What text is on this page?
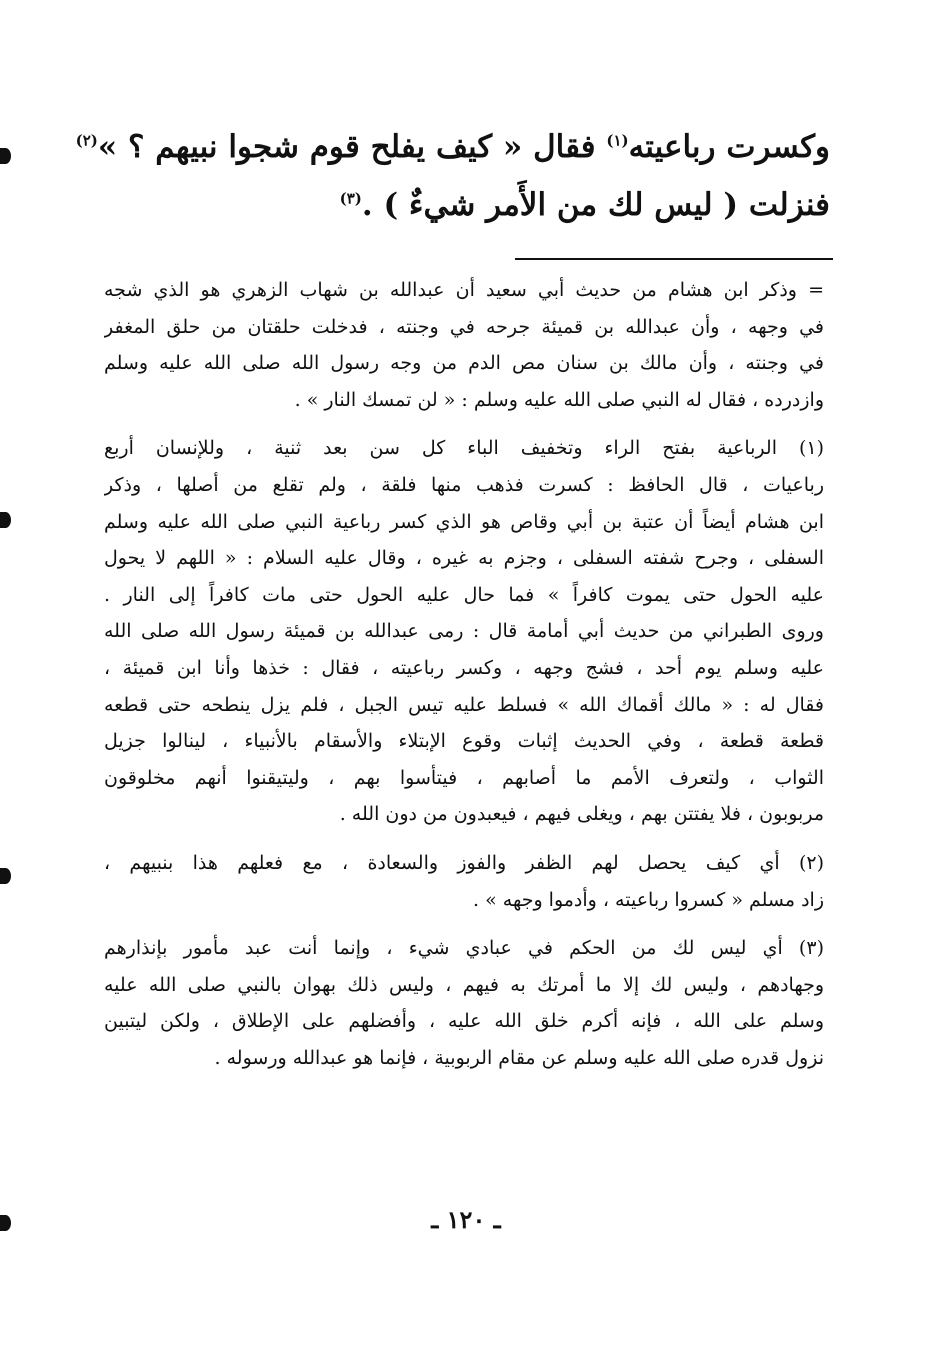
وكسرت رباعيته$^{(١)}$ فقال « كيف يفلح قوم شجوا نبيهم ؟ »$^{(٢)}$
فنزلت ( ليس لك من الأَمر شيءٌ ) .$^{(٣)}$
= وذكر ابن هشام من حديث أبي سعيد أن عبدالله بن شهاب الزهري هو الذي شجه
في وجهه ، وأن عبدالله بن قميئة جرحه في وجنته ، فدخلت حلقتان من حلق المغفر
في وجنته ، وأن مالك بن سنان مص الدم من وجه رسول الله صلى الله عليه وسلم
وازدرده ، فقال له النبي صلى الله عليه وسلم : « لن تمسك النار » .
(١) الرباعية بفتح الراء وتخفيف الباء كل سن بعد ثنية ، وللإنسان أربع
رباعيات ، قال الحافظ : كسرت فذهب منها فلقة ، ولم تقلع من أصلها ، وذكر
ابن هشام أيضاً أن عتبة بن أبي وقاص هو الذي كسر رباعية النبي صلى الله عليه وسلم
السفلى ، وجرح شفته السفلى ، وجزم به غيره ، وقال عليه السلام : « اللهم لا يحول
عليه الحول حتى يموت كافراً » فما حال عليه الحول حتى مات كافراً إلى النار .
وروى الطبراني من حديث أبي أمامة قال : رمى عبدالله بن قميئة رسول الله صلى الله
عليه وسلم يوم أحد ، فشج وجهه ، وكسر رباعيته ، فقال : خذها وأنا ابن قميئة ،
فقال له : « مالك أقماك الله » فسلط عليه تيس الجبل ، فلم يزل ينطحه حتى قطعه
قطعة قطعة ، وفي الحديث إثبات وقوع الإبتلاء والأسقام بالأنبياء ، لينالوا جزيل
الثواب ، ولتعرف الأمم ما أصابهم ، فيتأسوا بهم ، وليتيقنوا أنهم مخلوقون
مربوبون ، فلا يفتتن بهم ، ويغلى فيهم ، فيعبدون من دون الله .
(٢) أي كيف يحصل لهم الظفر والفوز والسعادة ، مع فعلهم هذا بنبيهم ،
زاد مسلم « كسروا رباعيته ، وأدموا وجهه » .
(٣) أي ليس لك من الحكم في عبادي شيء ، وإنما أنت عبد مأمور بإنذارهم
وجهادهم ، وليس لك إلا ما أمرتك به فيهم ، وليس ذلك بهوان بالنبي صلى الله عليه
وسلم على الله ، فإنه أكرم خلق الله عليه ، وأفضلهم على الإطلاق ، ولكن ليتبين
نزول قدره صلى الله عليه وسلم عن مقام الربوبية ، فإنما هو عبدالله ورسوله .
ـ ١٢٠ ـ
